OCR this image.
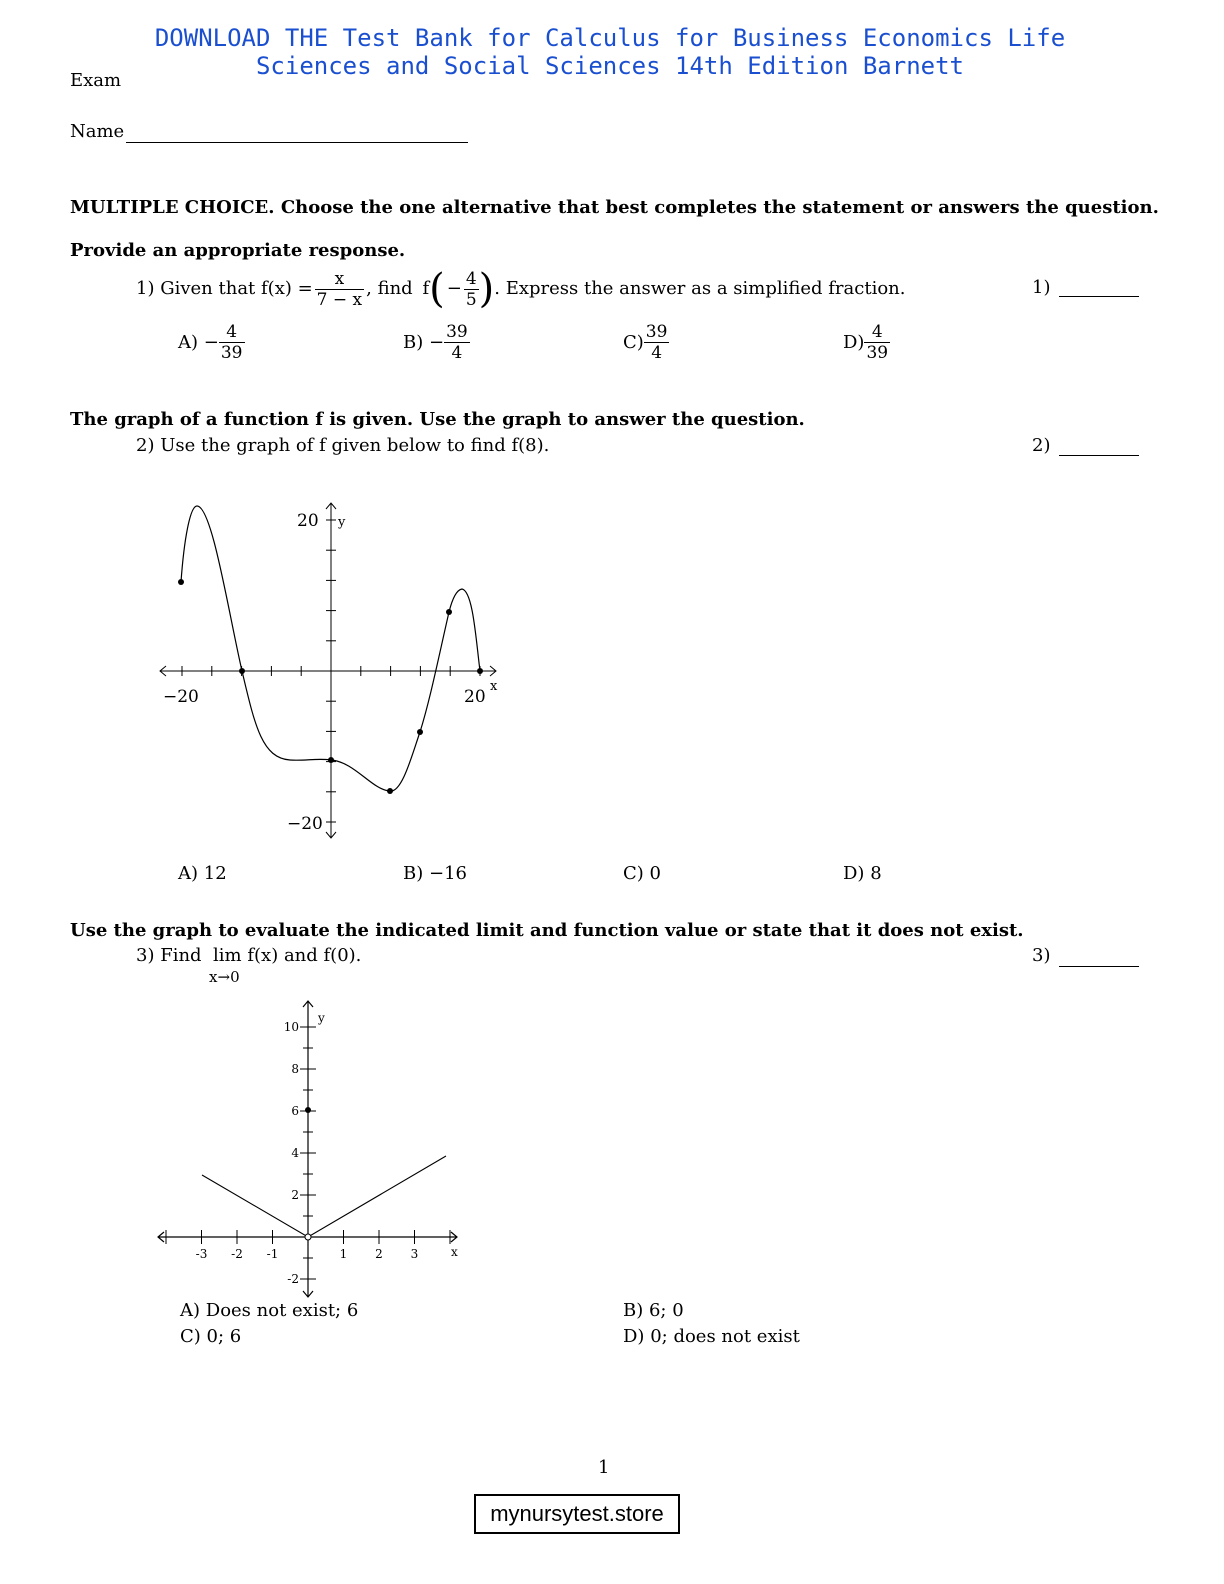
DOWNLOAD THE Test Bank for Calculus for Business Economics Life
Sciences and Social Sciences 14th Edition Barnett
Exam
Name
MULTIPLE CHOICE. Choose the one alternative that best completes the statement or answers the question.
Provide an appropriate response.
1)
Given that $f(x) = \frac{x}{7 - x}$ , find
f ( − $\frac{4}{5}$ ) . Express the answer as a simplified fraction.	1)
A)
− $\frac{4}{39}$	B)
− $\frac{39}{4}$	$C) \frac{39}{4}$	$D) \frac{4}{39}$
The graph of a function f is given. Use the graph to answer the question.
2) Use the graph of f given below to find f(8).	2)
20 y
−20
−20	20
x
A) 12	B) −16	C) 0	D) 8
Use the graph to evaluate the indicated limit and function value or state that it does not exist.
3) Find lim
x→0
f(x) and f(0).	3)
10
8
6
4
2
-2
-3 -2 -1	1 2 3
y
x
A) Does not exist; 6	B) 6; 0
C) 0; 6	D) 0; does not exist
1
mynursytest.store
